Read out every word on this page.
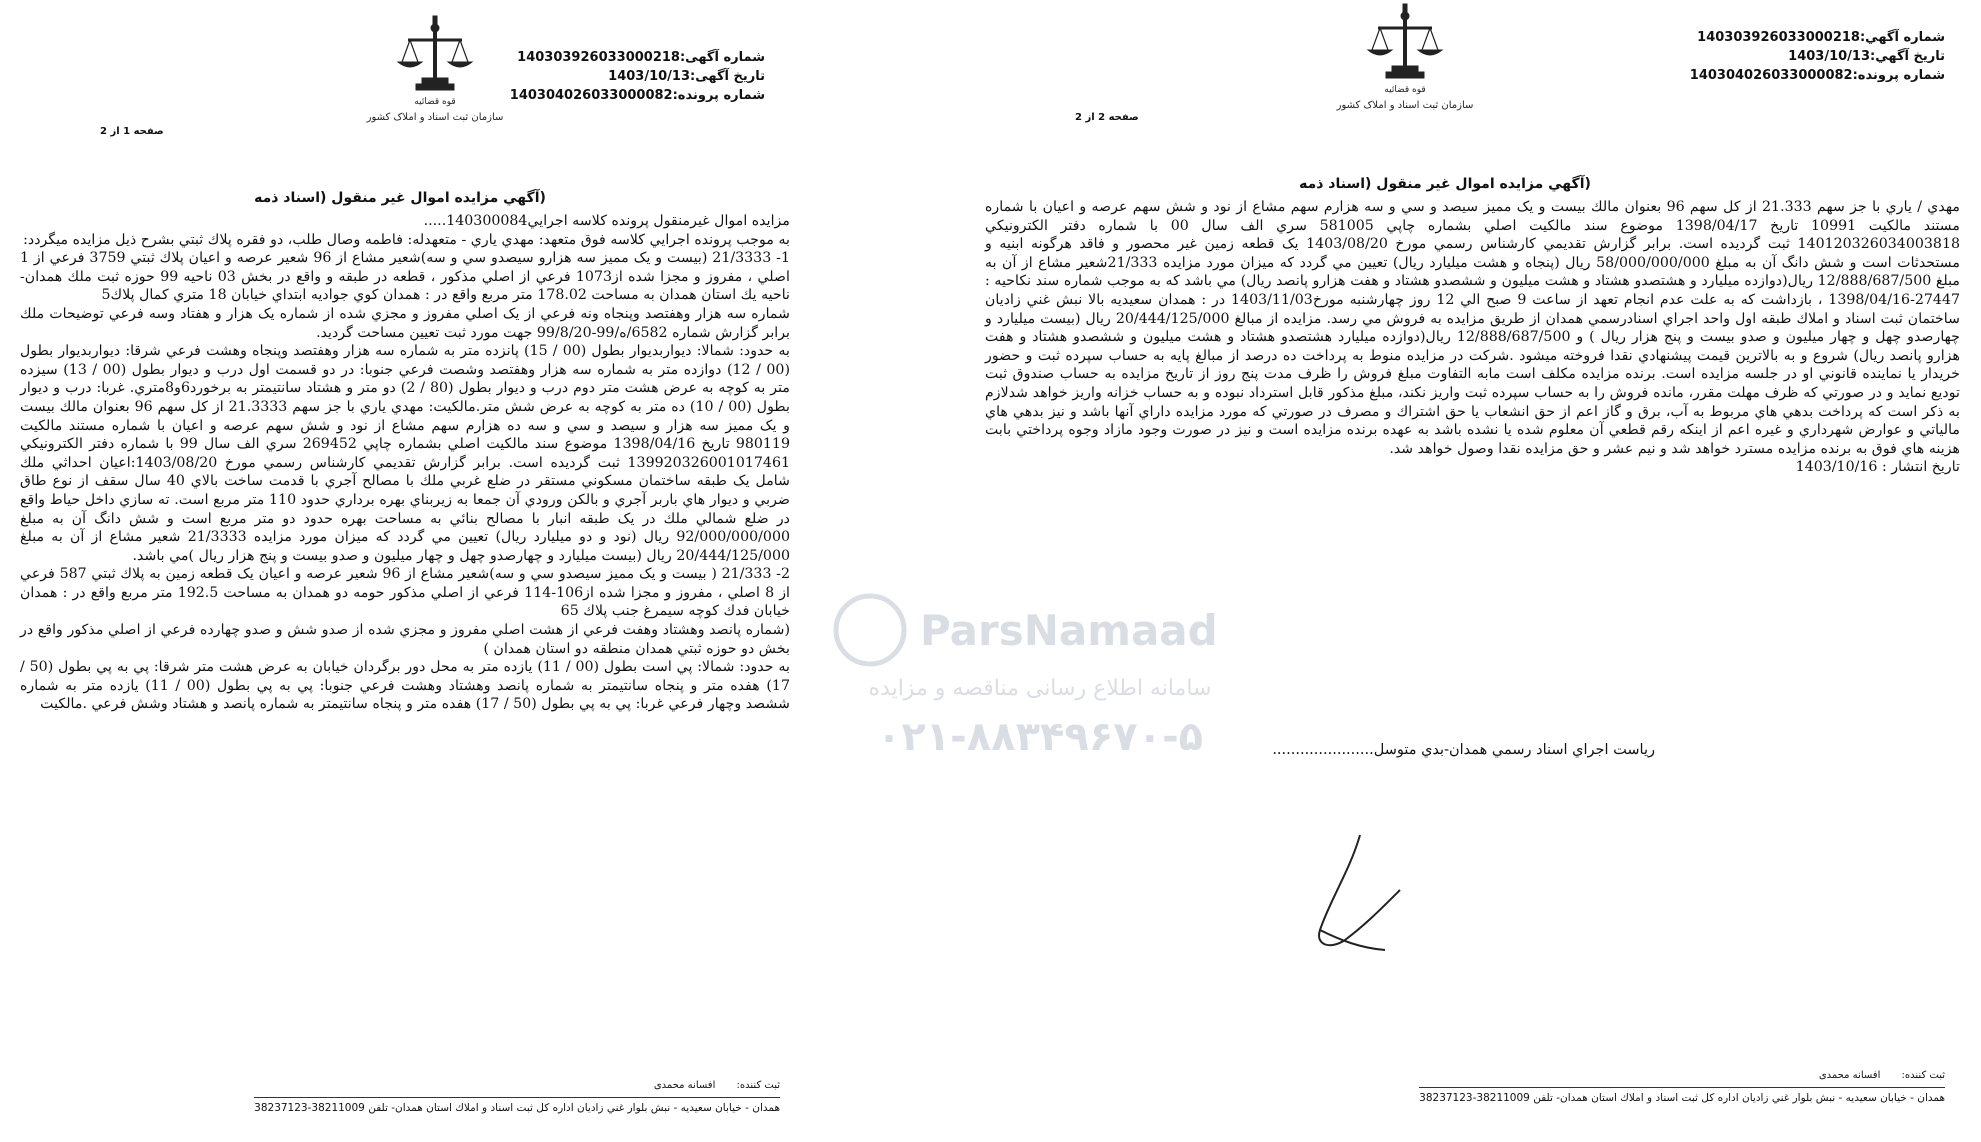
شماره آگهی:140303926033000218
تاریخ آگهی:1403/10/13
شماره پرونده:140304026033000082
قوه قضائیه
سازمان ثبت اسناد و املاک کشور
صفحه 1 از 2
(آگهي مزايده اموال غير منقول (اسناد ذمه

مزايده اموال غيرمنقول پرونده كلاسه اجرايي140300084.....

به موجب پرونده اجرايي كلاسه فوق متعهد: مهدي ياري - متعهدله: فاطمه وصال طلب، دو فقره پلاك ثبتي بشرح ذيل مزايده ميگردد:

1- 21/3333 (بيست و يک مميز سه هزارو سيصدو سي و سه)شعير مشاع از 96 شعير عرصه و اعيان پلاك ثبتي 3759 فرعي از 1 اصلي ، مفروز و مجزا شده از1073 فرعي از اصلي مذكور ، قطعه در طبقه و واقع در بخش 03 ناحيه 99 حوزه ثبت ملك همدان-ناحيه يك استان همدان به مساحت 178.02 متر مربع واقع در : همدان كوي جواديه ابتداي خيابان 18 متري كمال پلاك5

شماره سه هزار وهفتصد وپنجاه ونه فرعي از يک اصلي مفروز و مجزي شده از شماره يک هزار و هفتاد وسه فرعي توضيحات ملك برابر گزارش شماره 6582/ه/99-99/8/20 جهت مورد ثبت تعيين مساحت گرديد.

به حدود: شمالا: ديواربديوار بطول (00 / 15) پانزده متر به شماره سه هزار وهفتصد وپنجاه وهشت فرعي شرقا: ديواربديوار بطول (00 / 12) دوازده متر به شماره سه هزار وهفتصد وشصت فرعي جنوبا: در دو قسمت اول درب و ديوار بطول (00 / 13) سيزده متر به كوچه به عرض هشت متر دوم درب و ديوار بطول (80 / 2) دو متر و هشتاد سانتيمتر به برخورد6و8متري. غربا: درب و ديوار بطول (00 / 10) ده متر به كوچه به عرض شش متر.مالكيت: مهدي ياري با جز سهم 21.3333 از كل سهم 96 بعنوان مالك بيست و يک مميز سه هزار و سيصد و سي و سه ده هزارم سهم مشاع از نود و شش سهم عرصه و اعيان با شماره مستند مالكيت 980119 تاريخ 1398/04/16 موضوع سند مالكيت اصلي بشماره چاپي 269452 سري الف سال 99 با شماره دفتر الكترونيكي 139920326001017461 ثبت گرديده است. برابر گزارش تقديمي كارشناس رسمي مورخ 1403/08/20:اعيان احداثي ملك شامل يک طبقه ساختمان مسكوني مستقر در ضلع غربي ملك با مصالح آجري با قدمت ساخت بالاي 40 سال سقف از نوع طاق ضربي و ديوار هاي باربر آجري و بالكن ورودي آن جمعا به زيربناي بهره برداري حدود 110 متر مربع است. ته سازي داخل حياط واقع در ضلع شمالي ملك در يک طبقه انبار با مصالح بنائي به مساحت بهره حدود دو متر مربع است و شش دانگ آن به مبلغ 92/000/000/000 ريال (نود و دو ميليارد ريال) تعيين مي گردد كه ميزان مورد مزايده 21/3333 شعير مشاع از آن به مبلغ 20/444/125/000 ريال (بيست ميليارد و چهارصدو چهل و چهار ميليون و صدو بيست و پنج هزار ريال )مي باشد.

2- 21/333 ( بيست و يک مميز سيصدو سي و سه)شعير مشاع از 96 شعير عرصه و اعيان يک قطعه زمين به پلاك ثبتي 587 فرعي از 8 اصلي ، مفروز و مجزا شده از106-114 فرعي از اصلي مذكور حومه دو همدان به مساحت 192.5 متر مربع واقع در : همدان خيابان فدك كوچه سيمرغ جنب پلاك 65

(شماره پانصد وهشتاد وهفت فرعي از هشت اصلي مفروز و مجزي شده از صدو شش و صدو چهارده فرعي از اصلي مذكور واقع در بخش دو حوزه ثبتي همدان منطقه دو استان همدان )

به حدود: شمالا: پي است بطول (00 / 11) يازده متر به محل دور برگردان خيابان به عرض هشت متر شرقا: پي به پي بطول (50 / 17) هفده متر و پنجاه سانتيمتر به شماره پانصد وهشتاد وهشت فرعي جنوبا: پي به پي بطول (00 / 11) يازده متر به شماره ششصد وچهار فرعي غربا: پي به پي بطول (50 / 17) هفده متر و پنجاه سانتيمتر به شماره پانصد و هشتاد وشش فرعي .مالكيت

ثبت كننده: افسانه محمدی
همدان - خيابان سعيديه - نبش بلوار غني زاديان اداره كل ثبت اسناد و املاك استان همدان- تلفن 38211009-38237123
شماره آگهي:140303926033000218
تاريخ آگهي:1403/10/13
شماره پرونده:140304026033000082
قوه قضائیه
سازمان ثبت اسناد و املاک کشور
صفحه 2 از 2
(آگهي مزايده اموال غير منقول (اسناد ذمه

مهدي / ياري با جز سهم 21.333 از كل سهم 96 بعنوان مالك بيست و يک مميز سيصد و سي و سه هزارم سهم مشاع از نود و شش سهم عرصه و اعيان با شماره مستند مالكيت 10991 تاريخ 1398/04/17 موضوع سند مالكيت اصلي بشماره چاپي 581005 سري الف سال 00 با شماره دفتر الكترونيكي 140120326034003818 ثبت گرديده است. برابر گزارش تقديمي كارشناس رسمي مورخ 1403/08/20 يک قطعه زمين غير محصور و فاقد هرگونه ابنيه و مستحدثات است و شش دانگ آن به مبلغ 58/000/000/000 ريال (پنجاه و هشت ميليارد ريال) تعيين مي گردد كه ميزان مورد مزايده 21/333شعير مشاع از آن به مبلغ 12/888/687/500 ريال(دوازده ميليارد و هشتصدو هشتاد و هشت ميليون و ششصدو هشتاد و هفت هزارو پانصد ريال) مي باشد كه به موجب شماره سند نكاحيه : 27447-1398/04/16 ، بازداشت كه به علت عدم انجام تعهد از ساعت 9 صبح الي 12 روز چهارشنبه مورخ1403/11/03 در : همدان سعيديه بالا نبش غني زاديان ساختمان ثبت اسناد و املاك طبقه اول واحد اجراي اسنادرسمي همدان از طريق مزايده به فروش مي رسد. مزايده از مبالغ 20/444/125/000 ريال (بيست ميليارد و چهارصدو چهل و چهار ميليون و صدو بيست و پنج هزار ريال ) و 12/888/687/500 ريال(دوازده ميليارد هشتصدو هشتاد و هشت ميليون و ششصدو هشتاد و هفت هزارو پانصد ريال) شروع و به بالاترين قيمت پيشنهادي نقدا فروخته ميشود .شركت در مزايده منوط به پرداخت ده درصد از مبالغ پايه به حساب سپرده ثبت و حضور خريدار يا نماينده قانوني او در جلسه مزايده است. برنده مزايده مكلف است مابه التفاوت مبلغ فروش را ظرف مدت پنج روز از تاريخ مزايده به حساب صندوق ثبت توديع نمايد و در صورتي كه ظرف مهلت مقرر، مانده فروش را به حساب سپرده ثبت واريز نكند، مبلغ مذكور قابل استرداد نبوده و به حساب خزانه واريز خواهد شدلازم به ذكر است كه پرداخت بدهي هاي مربوط به آب، برق و گاز اعم از حق انشعاب يا حق اشتراك و مصرف در صورتي كه مورد مزايده داراي آنها باشد و نيز بدهي هاي مالياتي و عوارض شهرداري و غيره اعم از اينكه رقم قطعي آن معلوم شده يا نشده باشد به عهده برنده مزايده است و نيز در صورت وجود مازاد وجوه پرداختي بابت هزينه هاي فوق به برنده مزايده مسترد خواهد شد و نيم عشر و حق مزايده نقدا وصول خواهد شد.

تاريخ انتشار : 1403/10/16

رياست اجراي اسناد رسمي همدان-بدي متوسل......................
ثبت كننده: افسانه محمدی
همدان - خيابان سعيديه - نبش بلوار غني زاديان اداره كل ثبت اسناد و املاك استان همدان- تلفن 38211009-38237123
ParsNamaad
سامانه اطلاع رسانی مناقصه و مزایده
۰۲۱-۸۸۳۴۹۶۷۰-۵
